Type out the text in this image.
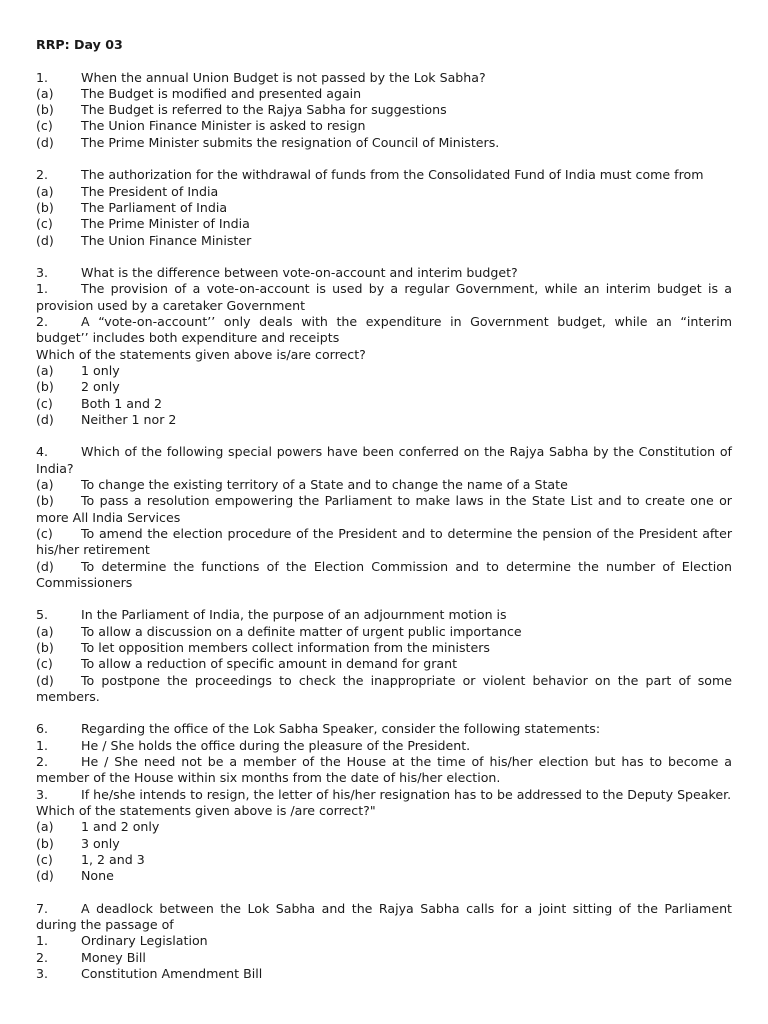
RRP: Day 03
1.	When the annual Union Budget is not passed by the Lok Sabha?
(a) The Budget is modified and presented again
(b) The Budget is referred to the Rajya Sabha for suggestions
(c) The Union Finance Minister is asked to resign
(d) The Prime Minister submits the resignation of Council of Ministers.
2.	The authorization for the withdrawal of funds from the Consolidated Fund of India must come from
(a) The President of India
(b) The Parliament of India
(c) The Prime Minister of India
(d) The Union Finance Minister
3.	What is the difference between vote-on-account and interim budget?
1.	The provision of a vote-on-account is used by a regular Government, while an interim budget is a provision used by a caretaker Government
2.	A “vote-on-account’’ only deals with the expenditure in Government budget, while an “interim budget’’ includes both expenditure and receipts
Which of the statements given above is/are correct?
(a) 1 only
(b) 2 only
(c) Both 1 and 2
(d) Neither 1 nor 2
4.	Which of the following special powers have been conferred on the Rajya Sabha by the Constitution of India?
(a) To change the existing territory of a State and to change the name of a State
(b) To pass a resolution empowering the Parliament to make laws in the State List and to create one or more All India Services
(c) To amend the election procedure of the President and to determine the pension of the President after his/her retirement
(d) To determine the functions of the Election Commission and to determine the number of Election Commissioners
5.	In the Parliament of India, the purpose of an adjournment motion is
(a) To allow a discussion on a definite matter of urgent public importance
(b) To let opposition members collect information from the ministers
(c) To allow a reduction of specific amount in demand for grant
(d) To postpone the proceedings to check the inappropriate or violent behavior on the part of some members.
6.	Regarding the office of the Lok Sabha Speaker, consider the following statements:
1.	He / She holds the office during the pleasure of the President.
2.	He / She need not be a member of the House at the time of his/her election but has to become a member of the House within six months from the date of his/her election.
3.	If he/she intends to resign, the letter of his/her resignation has to be addressed to the Deputy Speaker.
Which of the statements given above is /are correct?"
(a) 1 and 2 only
(b) 3 only
(c) 1, 2 and 3
(d) None
7.	A deadlock between the Lok Sabha and the Rajya Sabha calls for a joint sitting of the Parliament during the passage of
1.	Ordinary Legislation
2.	Money Bill
3.	Constitution Amendment Bill
